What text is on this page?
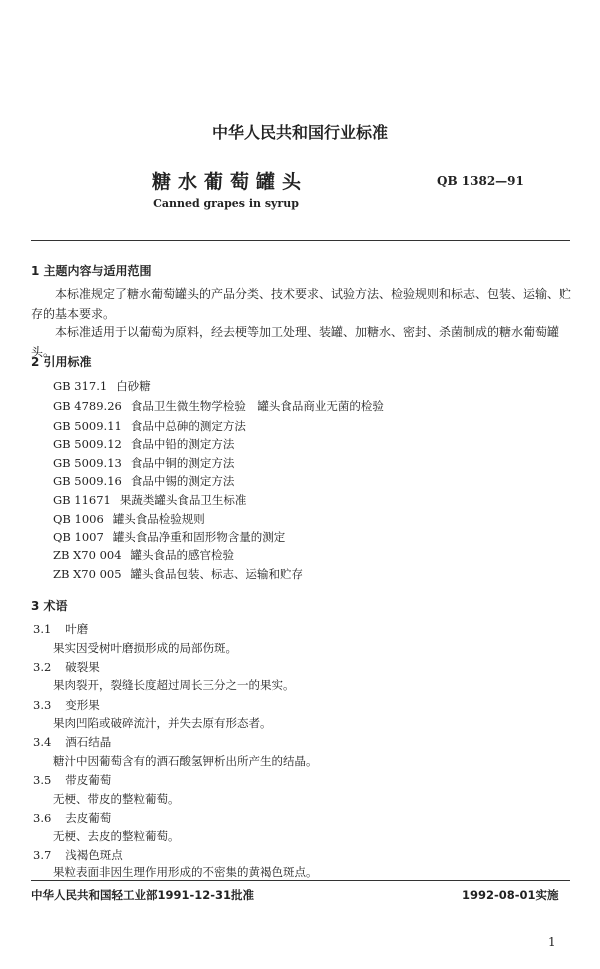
中华人民共和国行业标准
糖水葡萄罐头	QB 1382—91
Canned grapes in syrup
1 主题内容与适用范围
本标准规定了糖水葡萄罐头的产品分类、技术要求、试验方法、检验规则和标志、包装、运输、贮存的基本要求。
本标准适用于以葡萄为原料，经去梗等加工处理、装罐、加糖水、密封、杀菌制成的糖水葡萄罐头。
2 引用标准
GB 317.1 白砂糖
GB 4789.26 食品卫生微生物学检验　罐头食品商业无菌的检验
GB 5009.11 食品中总砷的测定方法
GB 5009.12 食品中铅的测定方法
GB 5009.13 食品中铜的测定方法
GB 5009.16 食品中锡的测定方法
GB 11671 果蔬类罐头食品卫生标准
QB 1006 罐头食品检验规则
QB 1007 罐头食品净重和固形物含量的测定
ZB X70 004 罐头食品的感官检验
ZB X70 005 罐头食品包装、标志、运输和贮存
3 术语
3.1 叶磨
果实因受树叶磨损形成的局部伤斑。
3.2 破裂果
果肉裂开，裂缝长度超过周长三分之一的果实。
3.3 变形果
果肉凹陷或破碎流汁，并失去原有形态者。
3.4 酒石结晶
糖汁中因葡萄含有的酒石酸氢钾析出所产生的结晶。
3.5 带皮葡萄
无梗、带皮的整粒葡萄。
3.6 去皮葡萄
无梗、去皮的整粒葡萄。
3.7 浅褐色斑点
果粒表面非因生理作用形成的不密集的黄褐色斑点。
中华人民共和国轻工业部1991-12-31批准	1992-08-01实施
1
